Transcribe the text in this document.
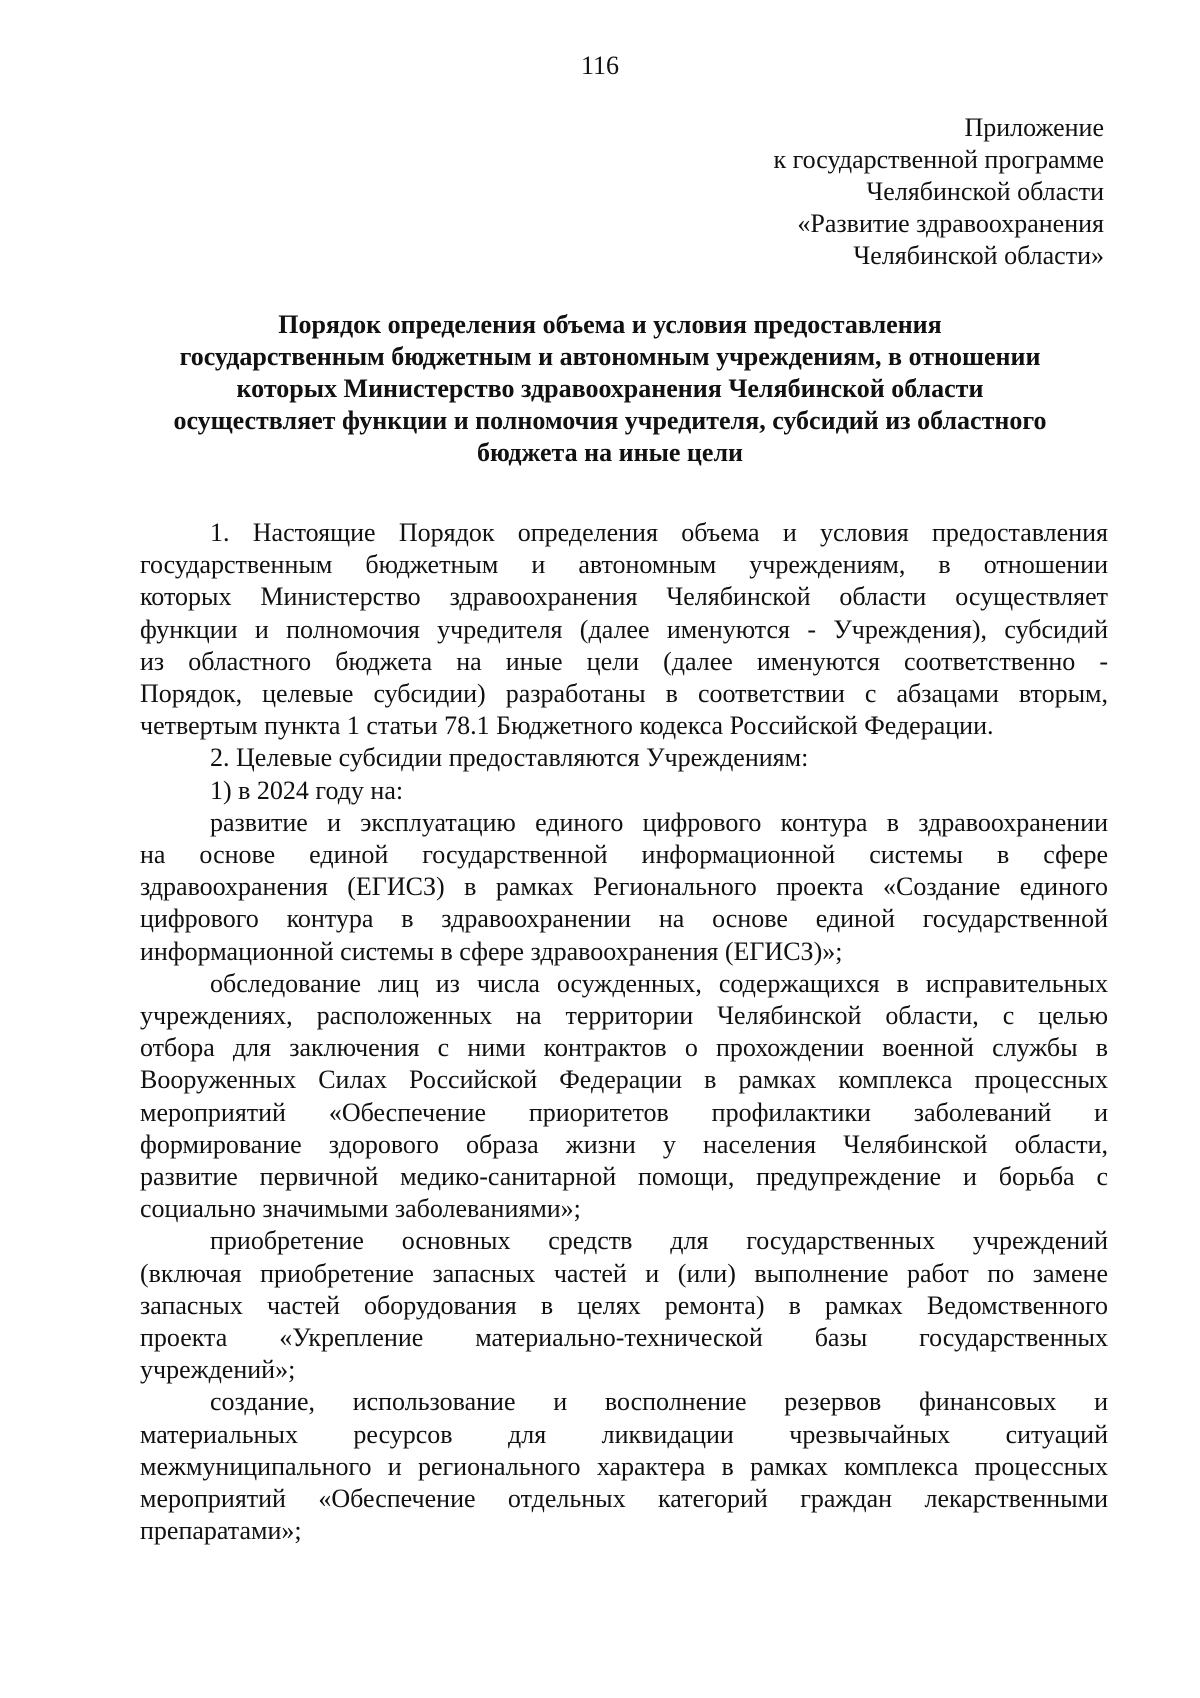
116
Приложение
к государственной программе
Челябинской области
«Развитие здравоохранения
Челябинской области»
Порядок определения объема и условия предоставления
государственным бюджетным и автономным учреждениям, в отношении
которых Министерство здравоохранения Челябинской области
осуществляет функции и полномочия учредителя, субсидий из областного
бюджета на иные цели
1. Настоящие Порядок определения объема и условия предоставления
государственным бюджетным и автономным учреждениям, в отношении
которых Министерство здравоохранения Челябинской области осуществляет
функции и полномочия учредителя (далее именуются - Учреждения), субсидий
из областного бюджета на иные цели (далее именуются соответственно -
Порядок, целевые субсидии) разработаны в соответствии с абзацами вторым,
четвертым пункта 1 статьи 78.1 Бюджетного кодекса Российской Федерации.
2. Целевые субсидии предоставляются Учреждениям:
1) в 2024 году на:
развитие и эксплуатацию единого цифрового контура в здравоохранении
на основе единой государственной информационной системы в сфере
здравоохранения (ЕГИСЗ) в рамках Регионального проекта «Создание единого
цифрового контура в здравоохранении на основе единой государственной
информационной системы в сфере здравоохранения (ЕГИСЗ)»;
обследование лиц из числа осужденных, содержащихся в исправительных
учреждениях, расположенных на территории Челябинской области, с целью
отбора для заключения с ними контрактов о прохождении военной службы в
Вооруженных Силах Российской Федерации в рамках комплекса процессных
мероприятий «Обеспечение приоритетов профилактики заболеваний и
формирование здорового образа жизни у населения Челябинской области,
развитие первичной медико-санитарной помощи, предупреждение и борьба с
социально значимыми заболеваниями»;
приобретение основных средств для государственных учреждений
(включая приобретение запасных частей и (или) выполнение работ по замене
запасных частей оборудования в целях ремонта) в рамках Ведомственного
проекта «Укрепление материально-технической базы государственных
учреждений»;
создание, использование и восполнение резервов финансовых и
материальных ресурсов для ликвидации чрезвычайных ситуаций
межмуниципального и регионального характера в рамках комплекса процессных
мероприятий «Обеспечение отдельных категорий граждан лекарственными
препаратами»;
